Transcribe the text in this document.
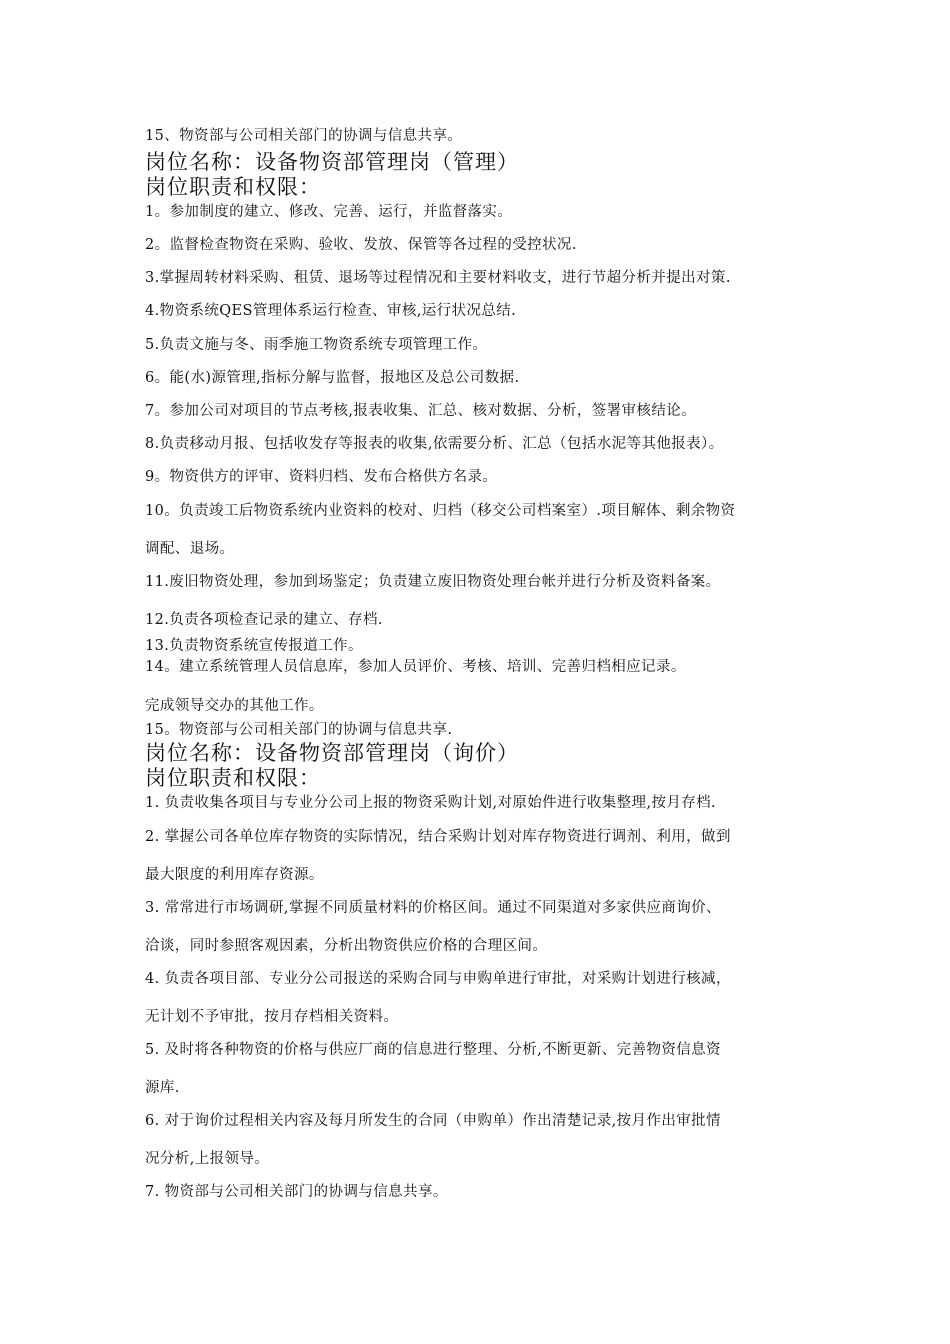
15、物资部与公司相关部门的协调与信息共享。
岗位名称：设备物资部管理岗（管理）
岗位职责和权限：
1。参加制度的建立、修改、完善、运行，并监督落实。
2。监督检查物资在采购、验收、发放、保管等各过程的受控状况.
3.掌握周转材料采购、租赁、退场等过程情况和主要材料收支，进行节超分析并提出对策.
4.物资系统QES管理体系运行检查、审核,运行状况总结.
5.负责文施与冬、雨季施工物资系统专项管理工作。
6。能(水)源管理,指标分解与监督，报地区及总公司数据.
7。参加公司对项目的节点考核,报表收集、汇总、核对数据、分析，签署审核结论。
8.负责移动月报、包括收发存等报表的收集,依需要分析、汇总（包括水泥等其他报表）。
9。物资供方的评审、资料归档、发布合格供方名录。
10。负责竣工后物资系统内业资料的校对、归档（移交公司档案室）.项目解体、剩余物资
调配、退场。
11.废旧物资处理，参加到场鉴定；负责建立废旧物资处理台帐并进行分析及资料备案。
12.负责各项检查记录的建立、存档.
13.负责物资系统宣传报道工作。
14。建立系统管理人员信息库，参加人员评价、考核、培训、完善归档相应记录。
完成领导交办的其他工作。
15。物资部与公司相关部门的协调与信息共享.
岗位名称：设备物资部管理岗（询价）
岗位职责和权限：
1. 负责收集各项目与专业分公司上报的物资采购计划,对原始件进行收集整理,按月存档.
2. 掌握公司各单位库存物资的实际情况，结合采购计划对库存物资进行调剂、利用，做到
最大限度的利用库存资源。
3. 常常进行市场调研,掌握不同质量材料的价格区间。通过不同渠道对多家供应商询价、
洽谈，同时参照客观因素，分析出物资供应价格的合理区间。
4. 负责各项目部、专业分公司报送的采购合同与申购单进行审批，对采购计划进行核减，
无计划不予审批，按月存档相关资料。
5. 及时将各种物资的价格与供应厂商的信息进行整理、分析,不断更新、完善物资信息资
源库.
6. 对于询价过程相关内容及每月所发生的合同（申购单）作出清楚记录,按月作出审批情
况分析,上报领导。
7. 物资部与公司相关部门的协调与信息共享。
